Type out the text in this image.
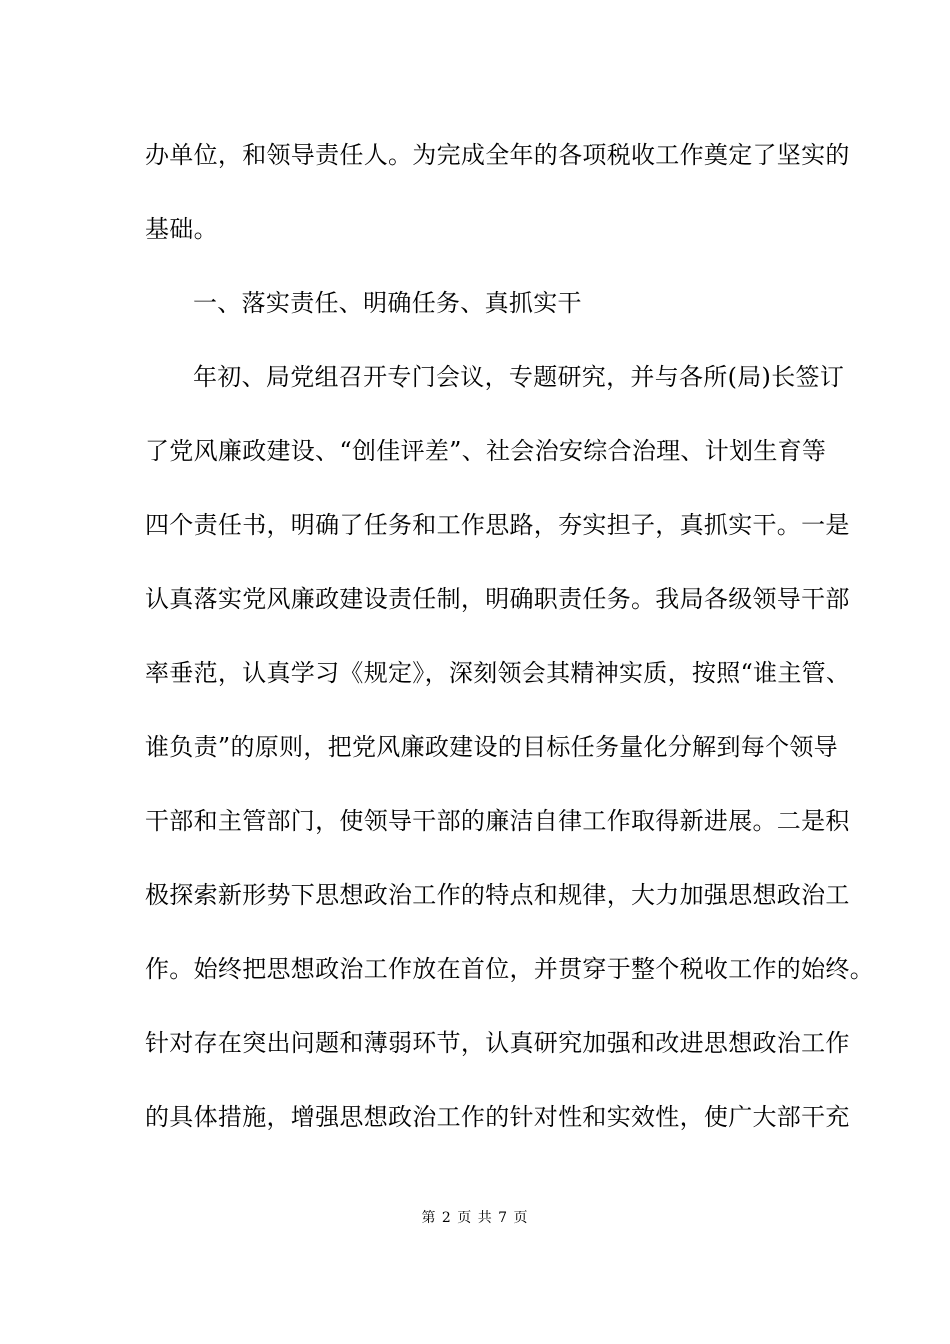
办单位，和领导责任人。为完成全年的各项税收工作奠定了坚实的
基础。
一、落实责任、明确任务、真抓实干
年初、局党组召开专门会议，专题研究，并与各所(局)长签订
了党风廉政建设、“创佳评差”、社会治安综合治理、计划生育等
四个责任书，明确了任务和工作思路，夯实担子，真抓实干。一是
认真落实党风廉政建设责任制，明确职责任务。我局各级领导干部
率垂范，认真学习《规定》，深刻领会其精神实质，按照“谁主管、
谁负责”的原则，把党风廉政建设的目标任务量化分解到每个领导
干部和主管部门，使领导干部的廉洁自律工作取得新进展。二是积
极探索新形势下思想政治工作的特点和规律，大力加强思想政治工
作。始终把思想政治工作放在首位，并贯穿于整个税收工作的始终。
针对存在突出问题和薄弱环节，认真研究加强和改进思想政治工作
的具体措施，增强思想政治工作的针对性和实效性，使广大部干充
第 2 页 共 7 页
